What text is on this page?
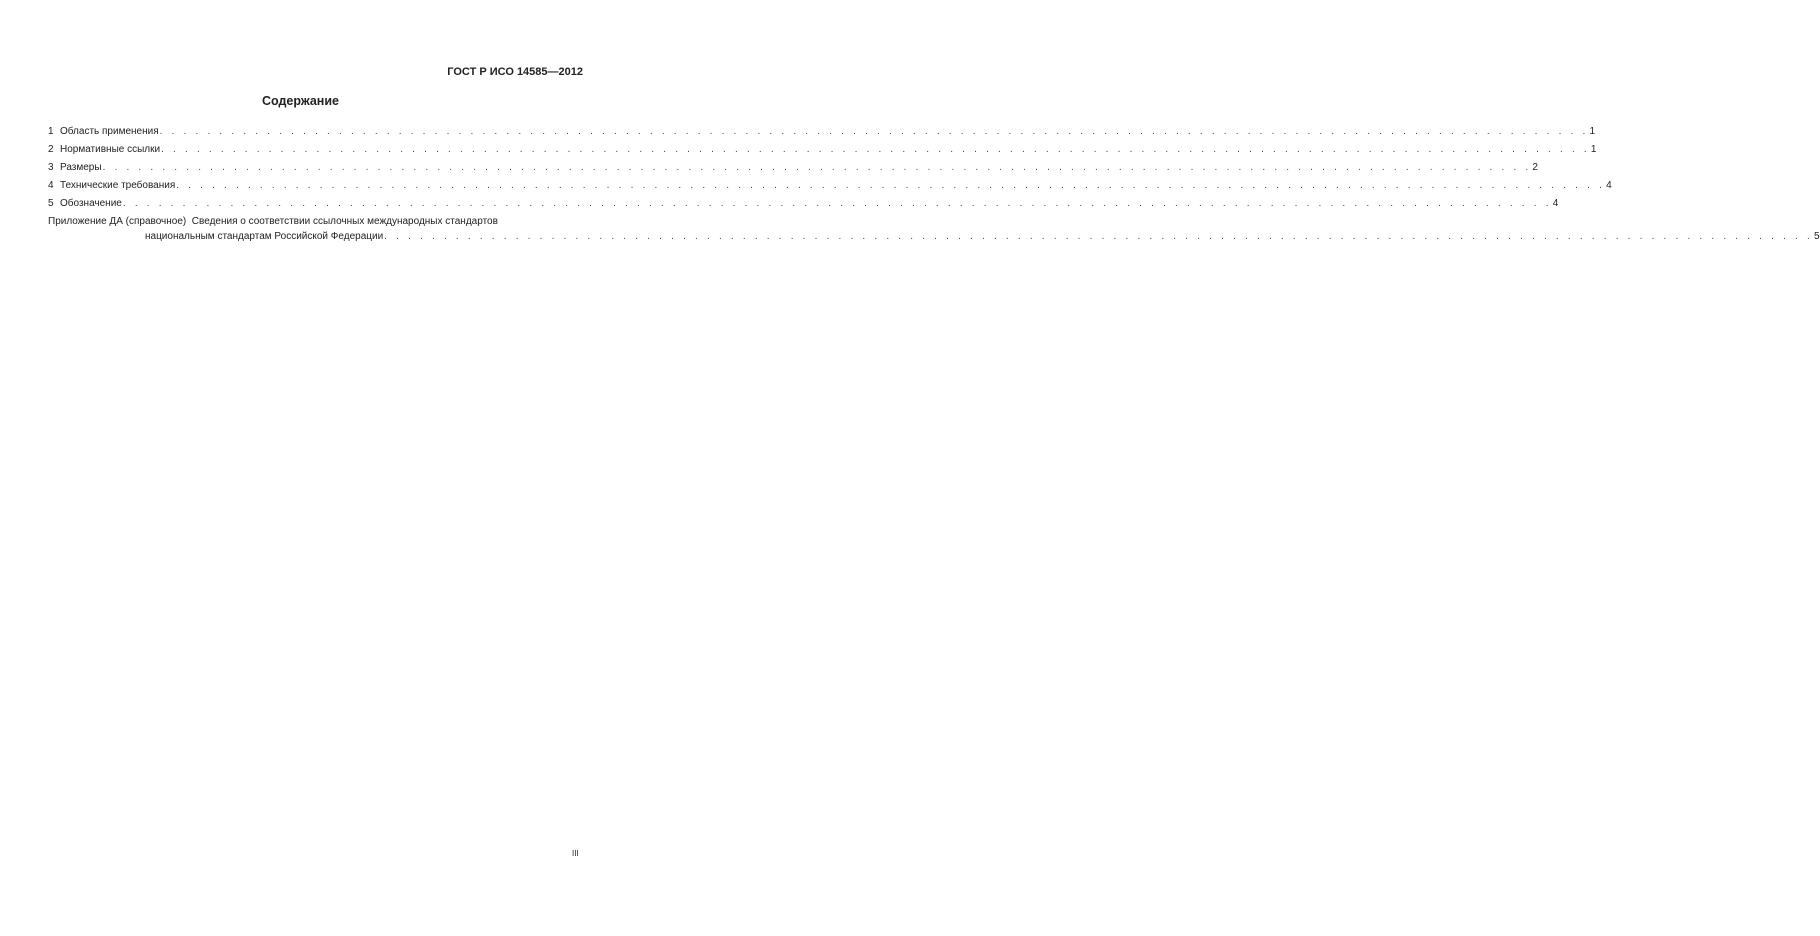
ГОСТ Р ИСО 14585—2012
Содержание
1 Область применения . . . . . . . . . . . . . . . . . . . . . . . . . . . . . . . . . . . . . . . . . . . . . . . . . . . . . . . . . . . . . . . . . . . . . . . . . . . . . . . . . . . . . . . . . . . . . . . . . . . . . . . . . . . . . . . . . . . . . . . . 1
2 Нормативные ссылки . . . . . . . . . . . . . . . . . . . . . . . . . . . . . . . . . . . . . . . . . . . . . . . . . . . . . . . . . . . . . . . . . . . . . . . . . . . . . . . . . . . . . . . . . . . . . . . . . . . . . . . . . . . . . . . . . . . . . . . . 1
3 Размеры . . . . . . . . . . . . . . . . . . . . . . . . . . . . . . . . . . . . . . . . . . . . . . . . . . . . . . . . . . . . . . . . . . . . . . . . . . . . . . . . . . . . . . . . . . . . . . . . . . . . . . . . . . . . . . . . . . . . . . . . 2
4 Технические требования . . . . . . . . . . . . . . . . . . . . . . . . . . . . . . . . . . . . . . . . . . . . . . . . . . . . . . . . . . . . . . . . . . . . . . . . . . . . . . . . . . . . . . . . . . . . . . . . . . . . . . . . . . . . . . . . . . . . . . . . 4
5 Обозначение . . . . . . . . . . . . . . . . . . . . . . . . . . . . . . . . . . . . . . . . . . . . . . . . . . . . . . . . . . . . . . . . . . . . . . . . . . . . . . . . . . . . . . . . . . . . . . . . . . . . . . . . . . . . . . . . . . . . . . . . 4
Приложение ДА (справочное)  Сведения о соответствии ссылочных международных стандартов
национальным стандартам Российской Федерации . . . . . . . . . . . . . . . . . . . . . . . . . . . . . . . . . . . . . . . . . . . . . . . . . . . . . . . . . . . . . . . . . . . . . . . . . . . . . . . . . . . . . . . . . . . . . . . . . . . . . . . . . . . . . . . . . . . . . . . . 5
III
